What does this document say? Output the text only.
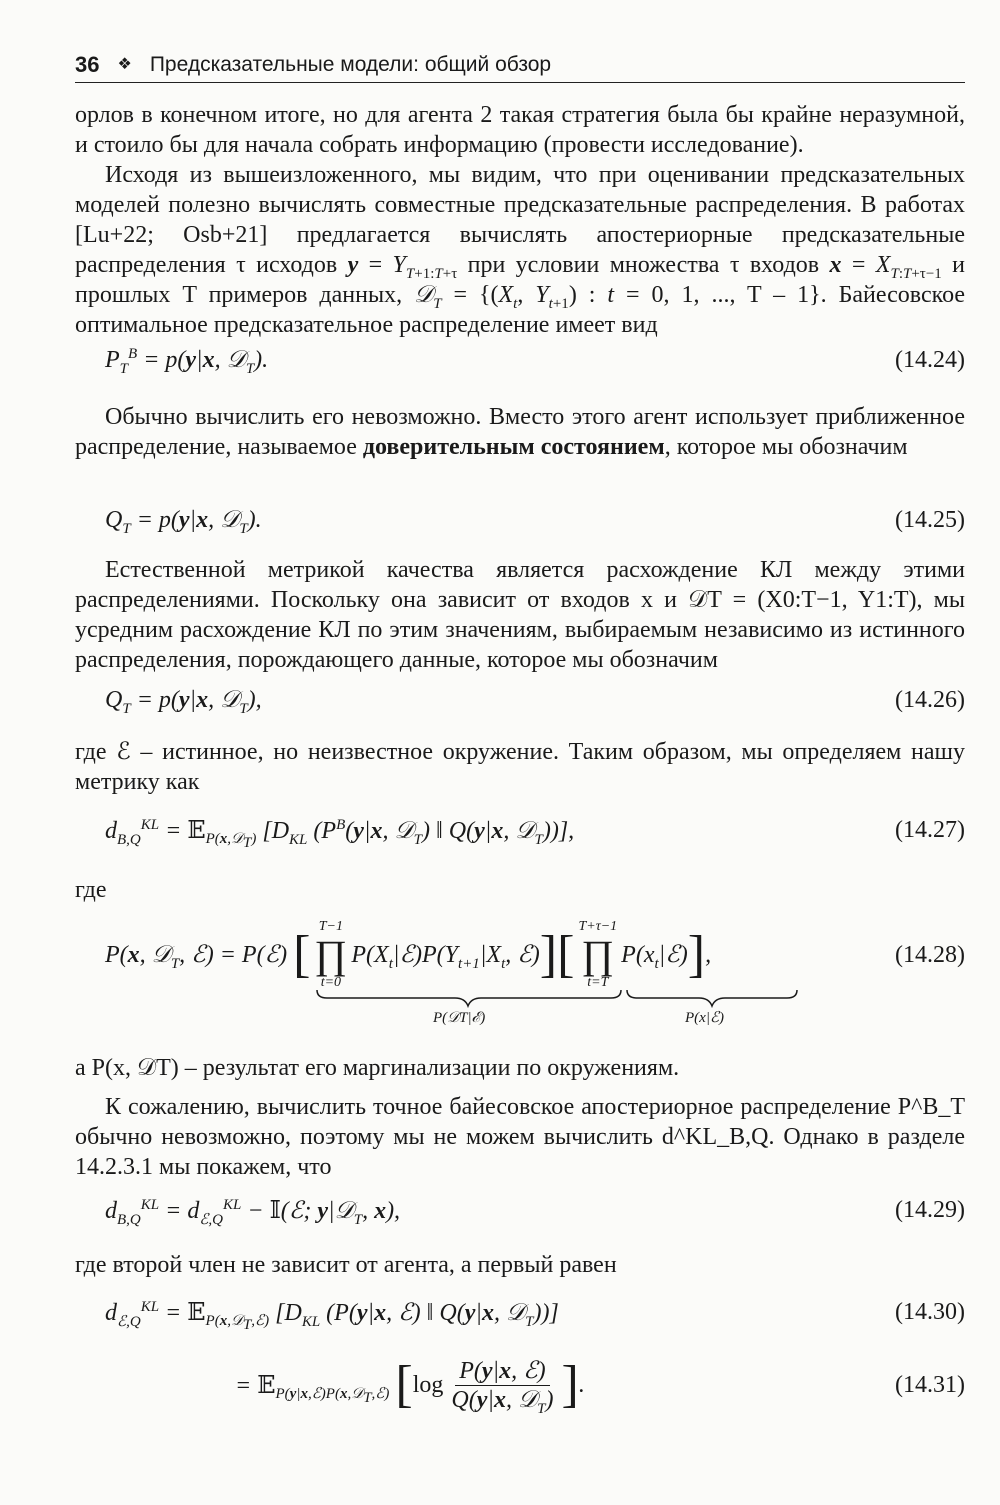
36 ❖ Предсказательные модели: общий обзор

орлов в конечном итоге, но для агента 2 такая стратегия была бы крайне неразумной, и стоило бы для начала собрать информацию (провести исследование).

Исходя из вышеизложенного, мы видим, что при оценивании предсказательных моделей полезно вычислять совместные предсказательные распределения. В работах [Lu+22; Osb+21] предлагается вычислять апостериорные предсказательные распределения τ исходов $y = Y_{T+1:T+\tau}$ при условии множества τ входов $x = X_{T:T+\tau-1}$ и прошлых T примеров данных, 𝒟$_T$ = {($X_t$, $Y_{t+1}$) : t = 0, 1, ..., T – 1}. Байесовское оптимальное предсказательное распределение имеет вид

$P_T^B = p(y|x$, 𝒟$_T$).	(14.24)

Обычно вычислить его невозможно. Вместо этого агент использует приближенное распределение, называемое доверительным состоянием, которое мы обозначим

$Q_T = p(y|x$, 𝒟$_T$).	(14.25)

Естественной метрикой качества является расхождение КЛ между этими распределениями. Поскольку она зависит от входов x и 𝒟T = (X0:T−1, Y1:T), мы усредним расхождение КЛ по этим значениям, выбираемым независимо из истинного распределения, порождающего данные, которое мы обозначим

$Q_T = p(y|x$, 𝒟$_T$),	(14.26)

где ℰ – истинное, но неизвестное окружение. Таким образом, мы определяем нашу метрику как

$d_{B,Q}^{KL}$ = 𝔼$_{P(x,𝒟_T)}$ [$D_{KL}$ ($P^B(y|x$, 𝒟$_T$) ‖ Q(y|x, 𝒟$_T$))],	(14.27)

где

P(x, 𝒟$_T$, ℰ) = P(ℰ) [ T−1
∏
t=0
$P(X_t|ℰ)P(Y_{t+1}|X_t$, ℰ) ] [ T+τ−1
∏
t=T
$P(x_t|ℰ)$ ] ,	(14.28)
P(𝒟T|ℰ)	P(x|ℰ)

а P(x, 𝒟T) – результат его маргинализации по окружениям.

К сожалению, вычислить точное байесовское апостериорное распределение P^B_T обычно невозможно, поэтому мы не можем вычислить d^KL_B,Q. Однако в разделе 14.2.3.1 мы покажем, что

$d_{B,Q}^{KL} = d_{ℰ,Q}^{KL}$ − 𝕀(ℰ; y|𝒟$_T$, x),	(14.29)

где второй член не зависит от агента, а первый равен

$d_{ℰ,Q}^{KL}$ = 𝔼$_{P(x,𝒟_T,ℰ)}$ [$D_{KL}$ (P(y|x, ℰ) ‖ Q(y|x, 𝒟$_T$))]	(14.30)
= 𝔼$_{P(y|x,ℰ)P(x,𝒟_T,ℰ)}$ [ $\log \frac{\text{P(y|x, ℰ)}}{Q(y|x, 𝒟_T)}$ ] .	(14.31)
